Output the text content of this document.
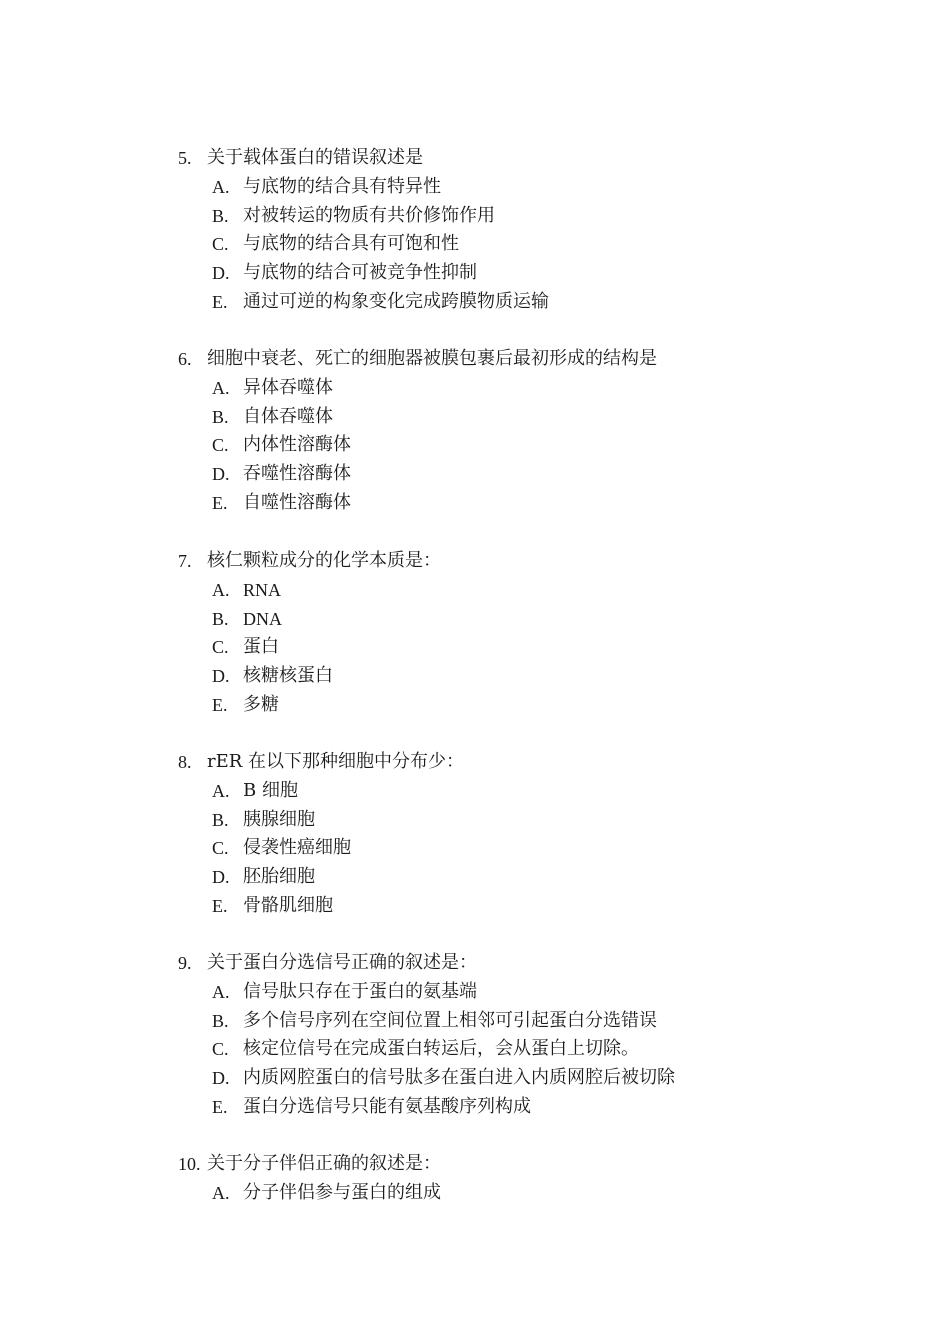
5. 关于载体蛋白的错误叙述是
A. 与底物的结合具有特异性
B. 对被转运的物质有共价修饰作用
C. 与底物的结合具有可饱和性
D. 与底物的结合可被竞争性抑制
E. 通过可逆的构象变化完成跨膜物质运输
6. 细胞中衰老、死亡的细胞器被膜包裹后最初形成的结构是
A. 异体吞噬体
B. 自体吞噬体
C. 内体性溶酶体
D. 吞噬性溶酶体
E. 自噬性溶酶体
7. 核仁颗粒成分的化学本质是：
A. RNA
B. DNA
C. 蛋白
D. 核糖核蛋白
E. 多糖
8. rER 在以下那种细胞中分布少：
A. B 细胞
B. 胰腺细胞
C. 侵袭性癌细胞
D. 胚胎细胞
E. 骨骼肌细胞
9. 关于蛋白分选信号正确的叙述是：
A. 信号肽只存在于蛋白的氨基端
B. 多个信号序列在空间位置上相邻可引起蛋白分选错误
C. 核定位信号在完成蛋白转运后，会从蛋白上切除。
D. 内质网腔蛋白的信号肽多在蛋白进入内质网腔后被切除
E. 蛋白分选信号只能有氨基酸序列构成
10. 关于分子伴侣正确的叙述是：
A. 分子伴侣参与蛋白的组成
